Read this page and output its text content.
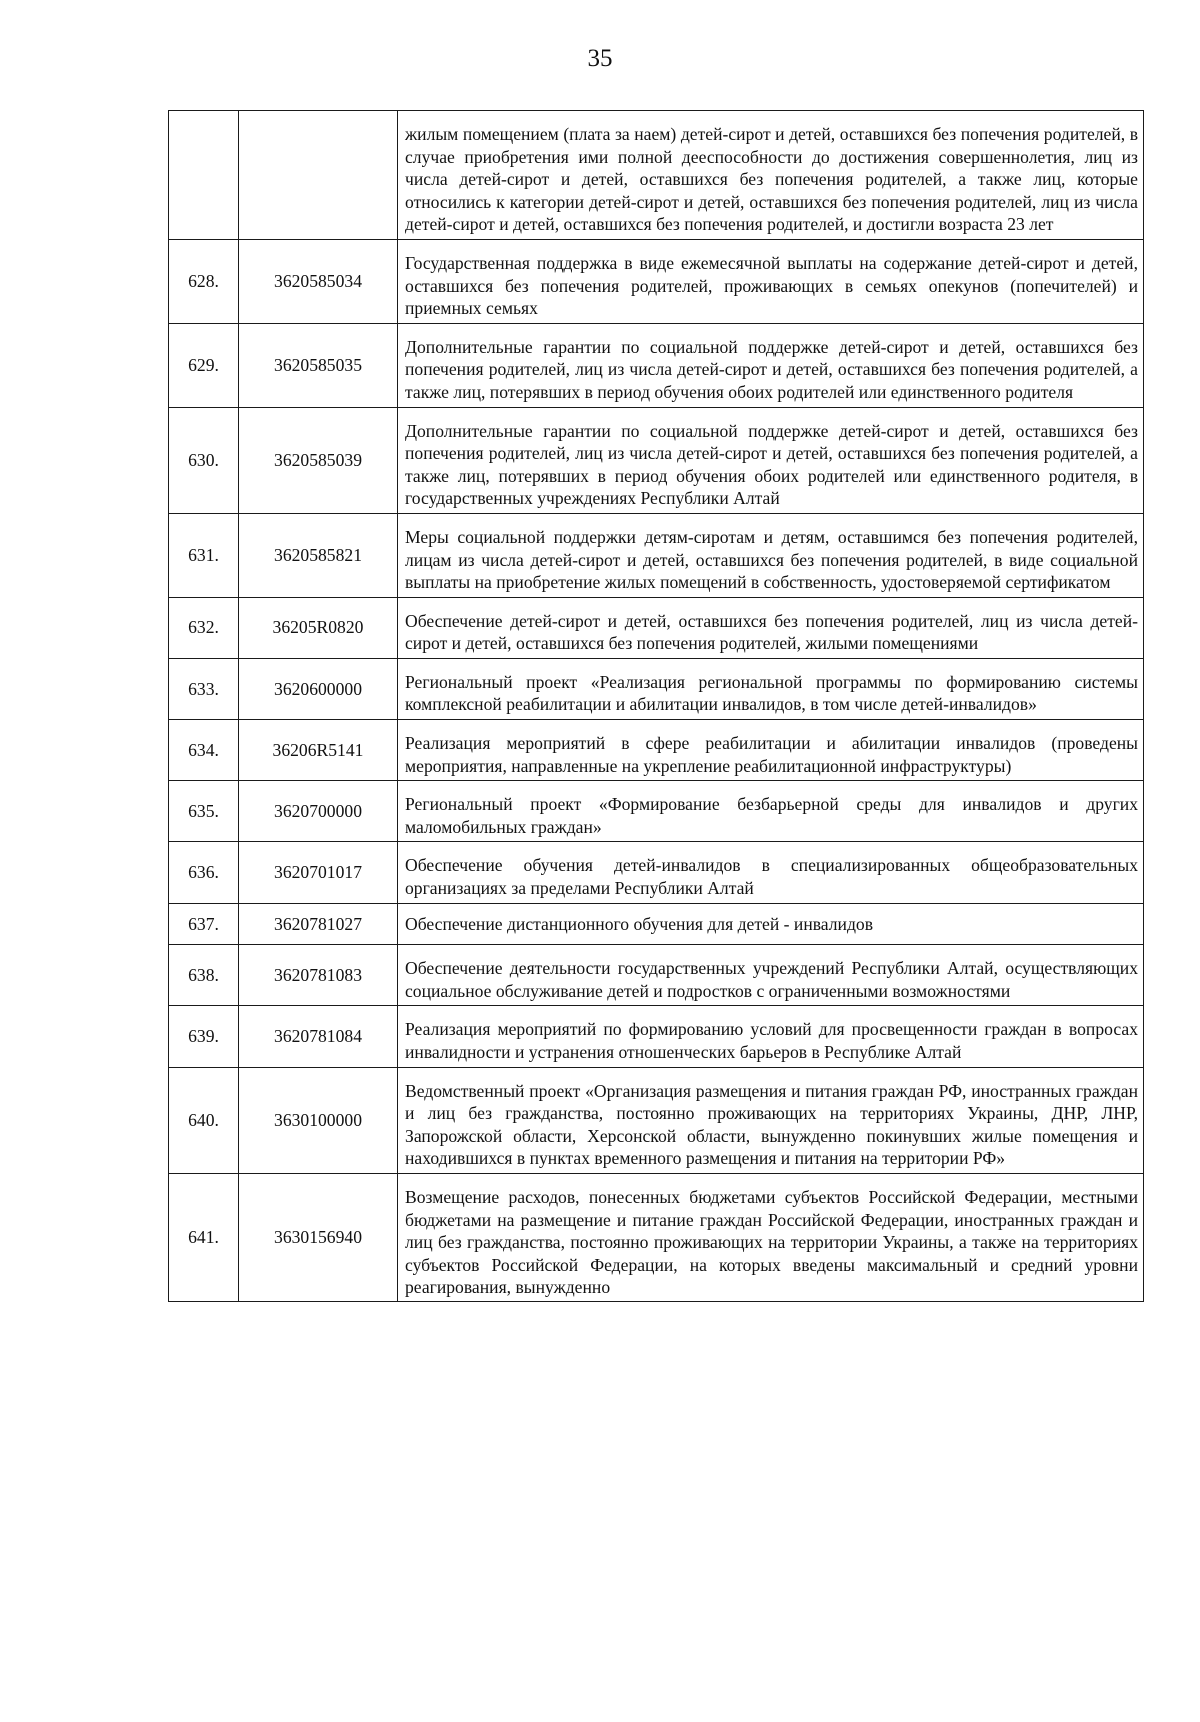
35
		жилым помещением (плата за наем) детей-сирот и детей, оставшихся без попечения родителей, в случае приобретения ими полной дееспособности до достижения совершеннолетия, лиц из числа детей-сирот и детей, оставшихся без попечения родителей, а также лиц, которые относились к категории детей-сирот и детей, оставшихся без попечения родителей, лиц из числа детей-сирот и детей, оставшихся без попечения родителей, и достигли возраста 23 лет
628.	3620585034	Государственная поддержка в виде ежемесячной выплаты на содержание детей-сирот и детей, оставшихся без попечения родителей, проживающих в семьях опекунов (попечителей) и приемных семьях
629.	3620585035	Дополнительные гарантии по социальной поддержке детей-сирот и детей, оставшихся без попечения родителей, лиц из числа детей-сирот и детей, оставшихся без попечения родителей, а также лиц, потерявших в период обучения обоих родителей или единственного родителя
630.	3620585039	Дополнительные гарантии по социальной поддержке детей-сирот и детей, оставшихся без попечения родителей, лиц из числа детей-сирот и детей, оставшихся без попечения родителей, а также лиц, потерявших в период обучения обоих родителей или единственного родителя, в государственных учреждениях Республики Алтай
631.	3620585821	Меры социальной поддержки детям-сиротам и детям, оставшимся без попечения родителей, лицам из числа детей-сирот и детей, оставшихся без попечения родителей, в виде социальной выплаты на приобретение жилых помещений в собственность, удостоверяемой сертификатом
632.	36205R0820	Обеспечение детей-сирот и детей, оставшихся без попечения родителей, лиц из числа детей-сирот и детей, оставшихся без попечения родителей, жилыми помещениями
633.	3620600000	Региональный проект «Реализация региональной программы по формированию системы комплексной реабилитации и абилитации инвалидов, в том числе детей-инвалидов»
634.	36206R5141	Реализация мероприятий в сфере реабилитации и абилитации инвалидов (проведены мероприятия, направленные на укрепление реабилитационной инфраструктуры)
635.	3620700000	Региональный проект «Формирование безбарьерной среды для инвалидов и других маломобильных граждан»
636.	3620701017	Обеспечение обучения детей-инвалидов в специализированных общеобразовательных организациях за пределами Республики Алтай
637.	3620781027	Обеспечение дистанционного обучения для детей - инвалидов
638.	3620781083	Обеспечение деятельности государственных учреждений Республики Алтай, осуществляющих социальное обслуживание детей и подростков с ограниченными возможностями
639.	3620781084	Реализация мероприятий по формированию условий для просвещенности граждан в вопросах инвалидности и устранения отношенческих барьеров в Республике Алтай
640.	3630100000	Ведомственный проект «Организация размещения и питания граждан РФ, иностранных граждан и лиц без гражданства, постоянно проживающих на территориях Украины, ДНР, ЛНР, Запорожской области, Херсонской области, вынужденно покинувших жилые помещения и находившихся в пунктах временного размещения и питания на территории РФ»
641.	3630156940	Возмещение расходов, понесенных бюджетами субъектов Российской Федерации, местными бюджетами на размещение и питание граждан Российской Федерации, иностранных граждан и лиц без гражданства, постоянно проживающих на территории Украины, а также на территориях субъектов Российской Федерации, на которых введены максимальный и средний уровни реагирования, вынужденно
